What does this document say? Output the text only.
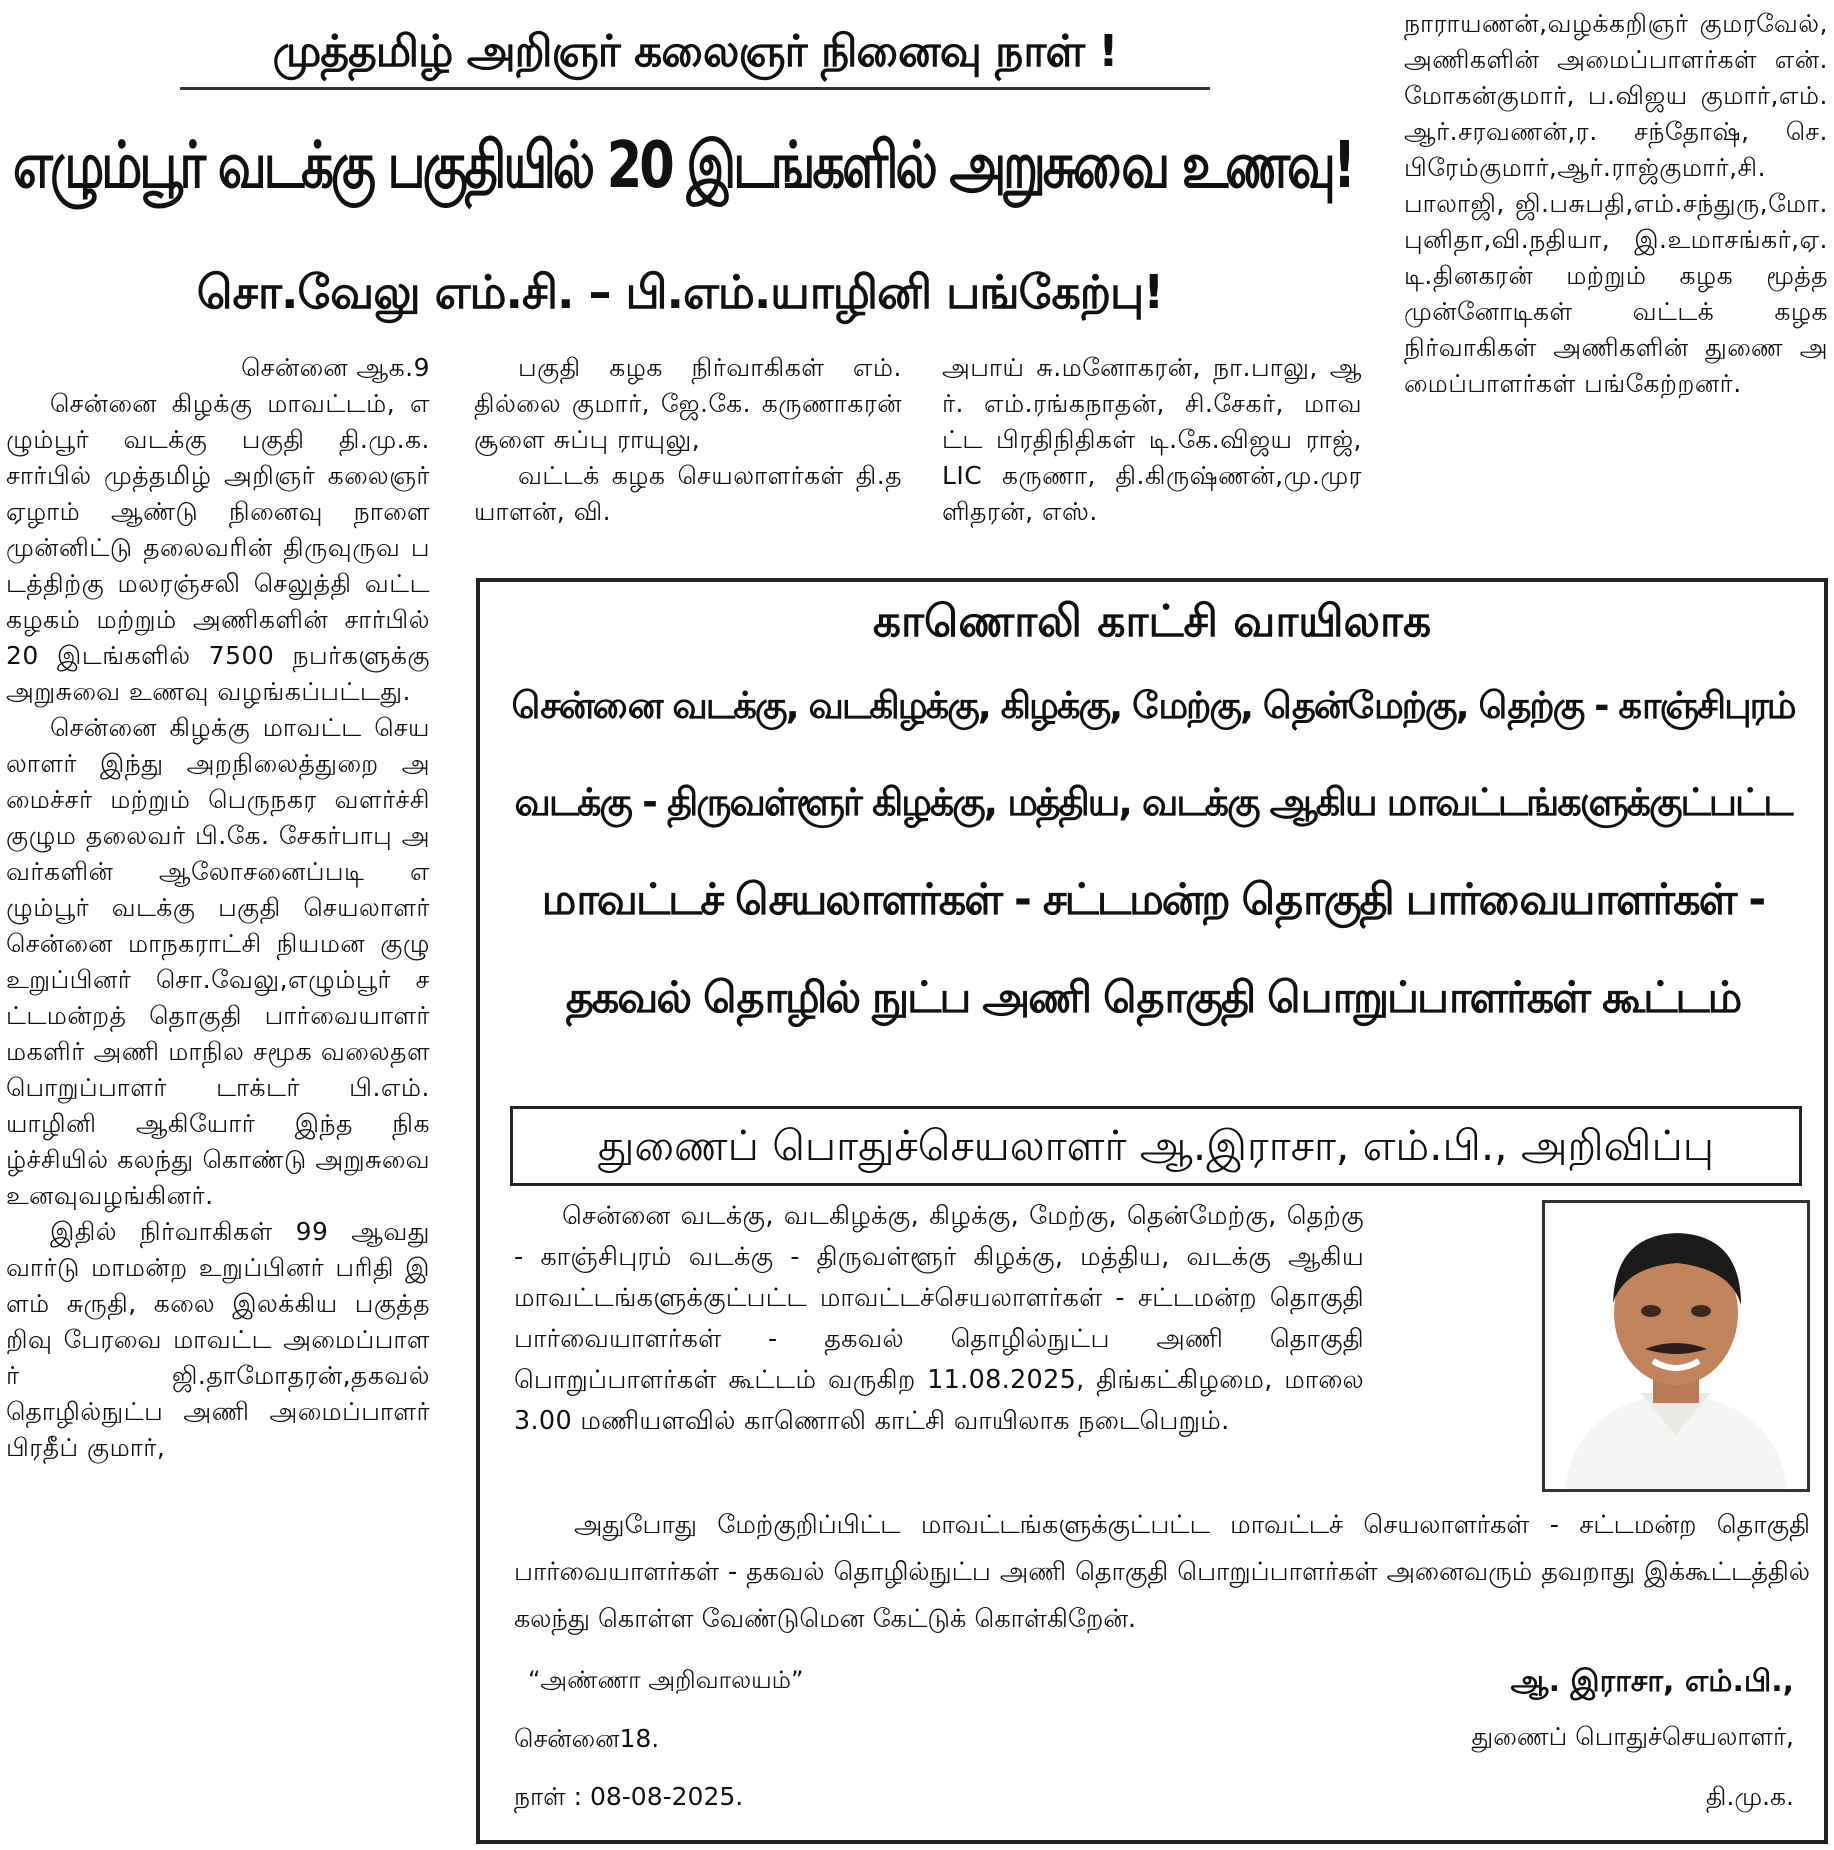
முத்தமிழ் அறிஞர் கலைஞர் நினைவு நாள் !
எழும்பூர் வடக்கு பகுதியில் 20 இடங்களில் அறுசுவை உணவு!
சொ.வேலு எம்.சி. – பி.எம்.யாழினி பங்கேற்பு!

சென்னை ஆக.9

சென்னை கிழக்கு மாவட்டம், எழும்பூர் வடக்கு பகுதி தி.மு.க. சார்பில் முத்தமிழ் அறிஞர் கலைஞர் ஏழாம் ஆண்டு நினைவு நாளை முன்னிட்டு தலைவரின் திருவுருவ படத்திற்கு மலரஞ்சலி செலுத்தி வட்ட கழகம் மற்றும் அணிகளின் சார்பில் 20 இடங்களில் 7500 நபர்களுக்கு அறுசுவை உணவு வழங்கப்பட்டது.

சென்னை கிழக்கு மாவட்ட செயலாளர் இந்து அறநிலைத்துறை அமைச்சர் மற்றும் பெருநகர வளர்ச்சி குழும தலைவர் பி.கே. சேகர்பாபு அவர்களின் ஆலோசனைப்படி எழும்பூர் வடக்கு பகுதி செயலாளர் சென்னை மாநகராட்சி நியமன குழு உறுப்பினர் சொ.வேலு,எழும்பூர் சட்டமன்றத் தொகுதி பார்வையாளர் மகளிர் அணி மாநில சமூக வலைதள பொறுப்பாளர் டாக்டர் பி.எம்.யாழினி ஆகியோர் இந்த நிகழ்ச்சியில் கலந்து கொண்டு அறுசுவை உனவுவழங்கினர்.

இதில் நிர்வாகிகள் 99 ஆவது வார்டு மாமன்ற உறுப்பினர் பரிதி இளம் சுருதி, கலை இலக்கிய பகுத்தறிவு பேரவை மாவட்ட அமைப்பாளர் ஜி.தாமோதரன்,தகவல் தொழில்நுட்ப அணி அமைப்பாளர் பிரதீப் குமார்,

பகுதி கழக நிர்வாகிகள் எம்.தில்லை குமார், ஜே.கே. கருணாகரன் சூளை சுப்பு ராயுலு,

வட்டக் கழக செயலாளர்கள் தி.தயாளன், வி.

அபாய் சு.மனோகரன், நா.பாலு, ஆர். எம்.ரங்கநாதன், சி.சேகர், மாவட்ட பிரதிநிதிகள் டி.கே.விஜய ராஜ், LIC கருணா, தி.கிருஷ்ணன்,மு.முரளிதரன், எஸ்.
நாராயணன்,வழக்கறிஞர் குமரவேல், அணிகளின் அமைப்பாளர்கள் என். மோகன்குமார், ப.விஜய குமார்,எம். ஆர்.சரவணன்,ர. சந்தோஷ், செ.பிரேம்குமார்,ஆர்.ராஜ்குமார்,சி. பாலாஜி, ஜி.பசுபதி,எம்.சந்துரு,மோ.புனிதா,வி.நதியா, இ.உமாசங்கர்,ஏ.டி.தினகரன் மற்றும் கழக மூத்த முன்னோடிகள் வட்டக் கழக நிர்வாகிகள் அணிகளின் துணை அமைப்பாளர்கள் பங்கேற்றனர்.
காணொலி காட்சி வாயிலாக
சென்னை வடக்கு, வடகிழக்கு, கிழக்கு, மேற்கு, தென்மேற்கு, தெற்கு - காஞ்சிபுரம்
வடக்கு - திருவள்ளூர் கிழக்கு, மத்திய, வடக்கு ஆகிய மாவட்டங்களுக்குட்பட்ட
மாவட்டச் செயலாளர்கள் - சட்டமன்ற தொகுதி பார்வையாளர்கள் -
தகவல் தொழில் நுட்ப அணி தொகுதி பொறுப்பாளர்கள் கூட்டம்
துணைப் பொதுச்செயலாளர் ஆ.இராசா, எம்.பி., அறிவிப்பு

சென்னை வடக்கு, வடகிழக்கு, கிழக்கு, மேற்கு, தென்மேற்கு, தெற்கு - காஞ்சிபுரம் வடக்கு - திருவள்ளூர் கிழக்கு, மத்திய, வடக்கு ஆகிய மாவட்டங்களுக்குட்பட்ட மாவட்டச்செயலாளர்கள் - சட்டமன்ற தொகுதி பார்வையாளர்கள் - தகவல் தொழில்நுட்ப அணி தொகுதி பொறுப்பாளர்கள் கூட்டம் வருகிற 11.08.2025, திங்கட்கிழமை, மாலை 3.00 மணியளவில் காணொலி காட்சி வாயிலாக நடைபெறும்.

அதுபோது மேற்குறிப்பிட்ட மாவட்டங்களுக்குட்பட்ட மாவட்டச் செயலாளர்கள் - சட்டமன்ற தொகுதி பார்வையாளர்கள் - தகவல் தொழில்நுட்ப அணி தொகுதி பொறுப்பாளர்கள் அனைவரும் தவறாது இக்கூட்டத்தில் கலந்து கொள்ள வேண்டுமென கேட்டுக் கொள்கிறேன்.

“அண்ணா அறிவாலயம்”
சென்னை18.
நாள் : 08-08-2025.
ஆ. இராசா, எம்.பி.,
துணைப் பொதுச்செயலாளர்,
தி.மு.க.
